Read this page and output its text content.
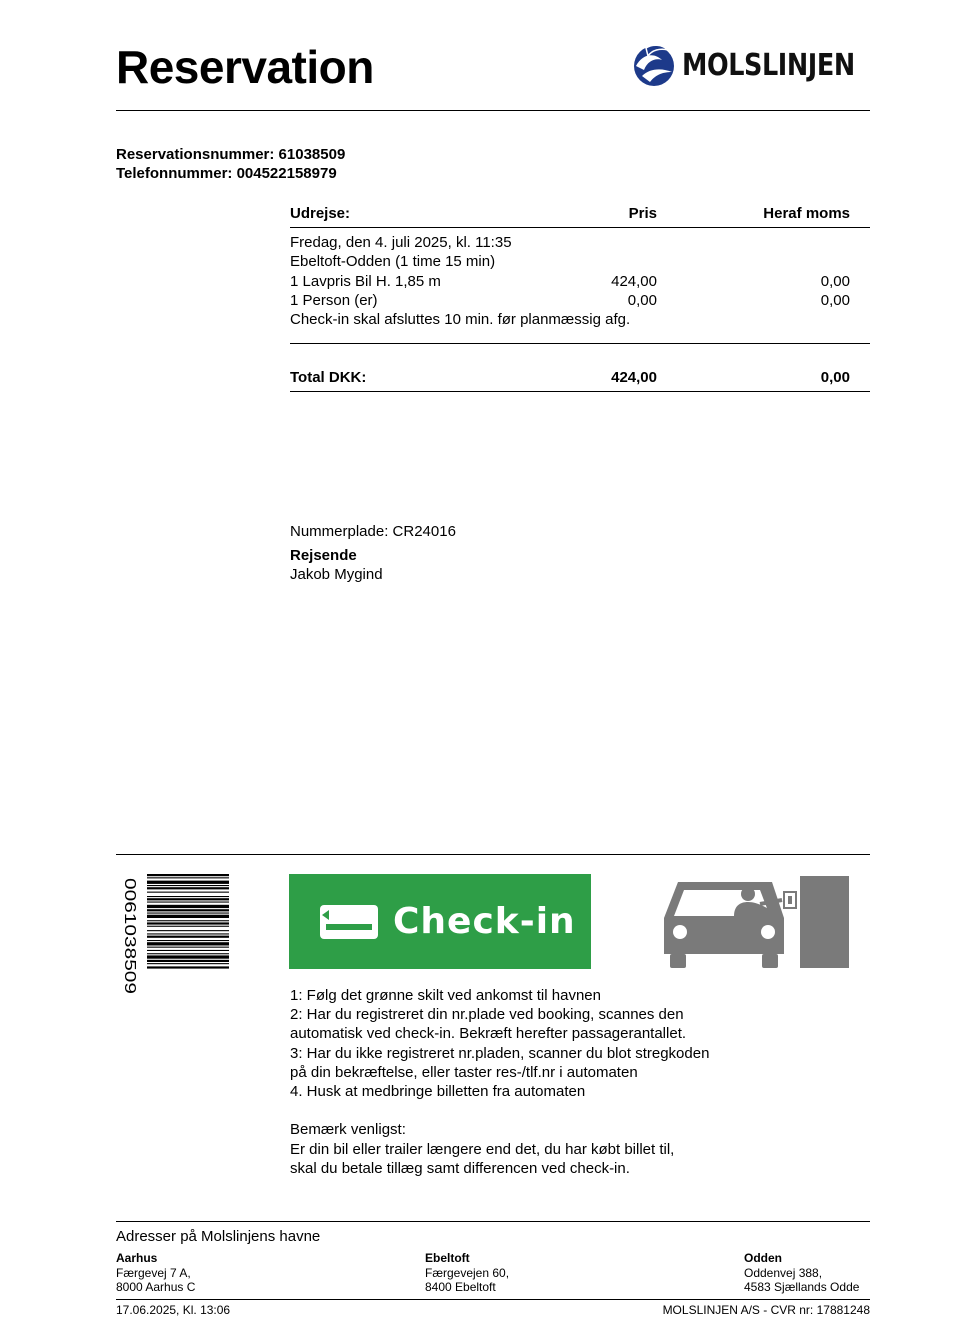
Reservation	MOLSLINJEN
Reservationsnummer: 61038509
Telefonnummer: 004522158979
Udrejse:	Pris	Heraf moms
Fredag, den 4. juli 2025, kl. 11:35
Ebeltoft-Odden (1 time 15 min)
1 Lavpris Bil H. 1,85 m	424,00	0,00
1 Person (er)	0,00	0,00
Check-in skal afsluttes 10 min. før planmæssig afg.
Total DKK:	424,00	0,00
Nummerplade: CR24016
Rejsende
Jakob Mygind
0061038509	Check-in
1: Følg det grønne skilt ved ankomst til havnen
2: Har du registreret din nr.plade ved booking, scannes den
automatisk ved check-in. Bekræft herefter passagerantallet.
3: Har du ikke registreret nr.pladen, scanner du blot stregkoden
på din bekræftelse, eller taster res-/tlf.nr i automaten
4. Husk at medbringe billetten fra automaten
Bemærk venligst:
Er din bil eller trailer længere end det, du har købt billet til,
skal du betale tillæg samt differencen ved check-in.
Adresser på Molslinjens havne
Aarhus
Færgevej 7 A,
8000 Aarhus C
Ebeltoft
Færgevejen 60,
8400 Ebeltoft
Odden
Oddenvej 388,
4583 Sjællands Odde
17.06.2025, Kl. 13:06	MOLSLINJEN A/S - CVR nr: 17881248
